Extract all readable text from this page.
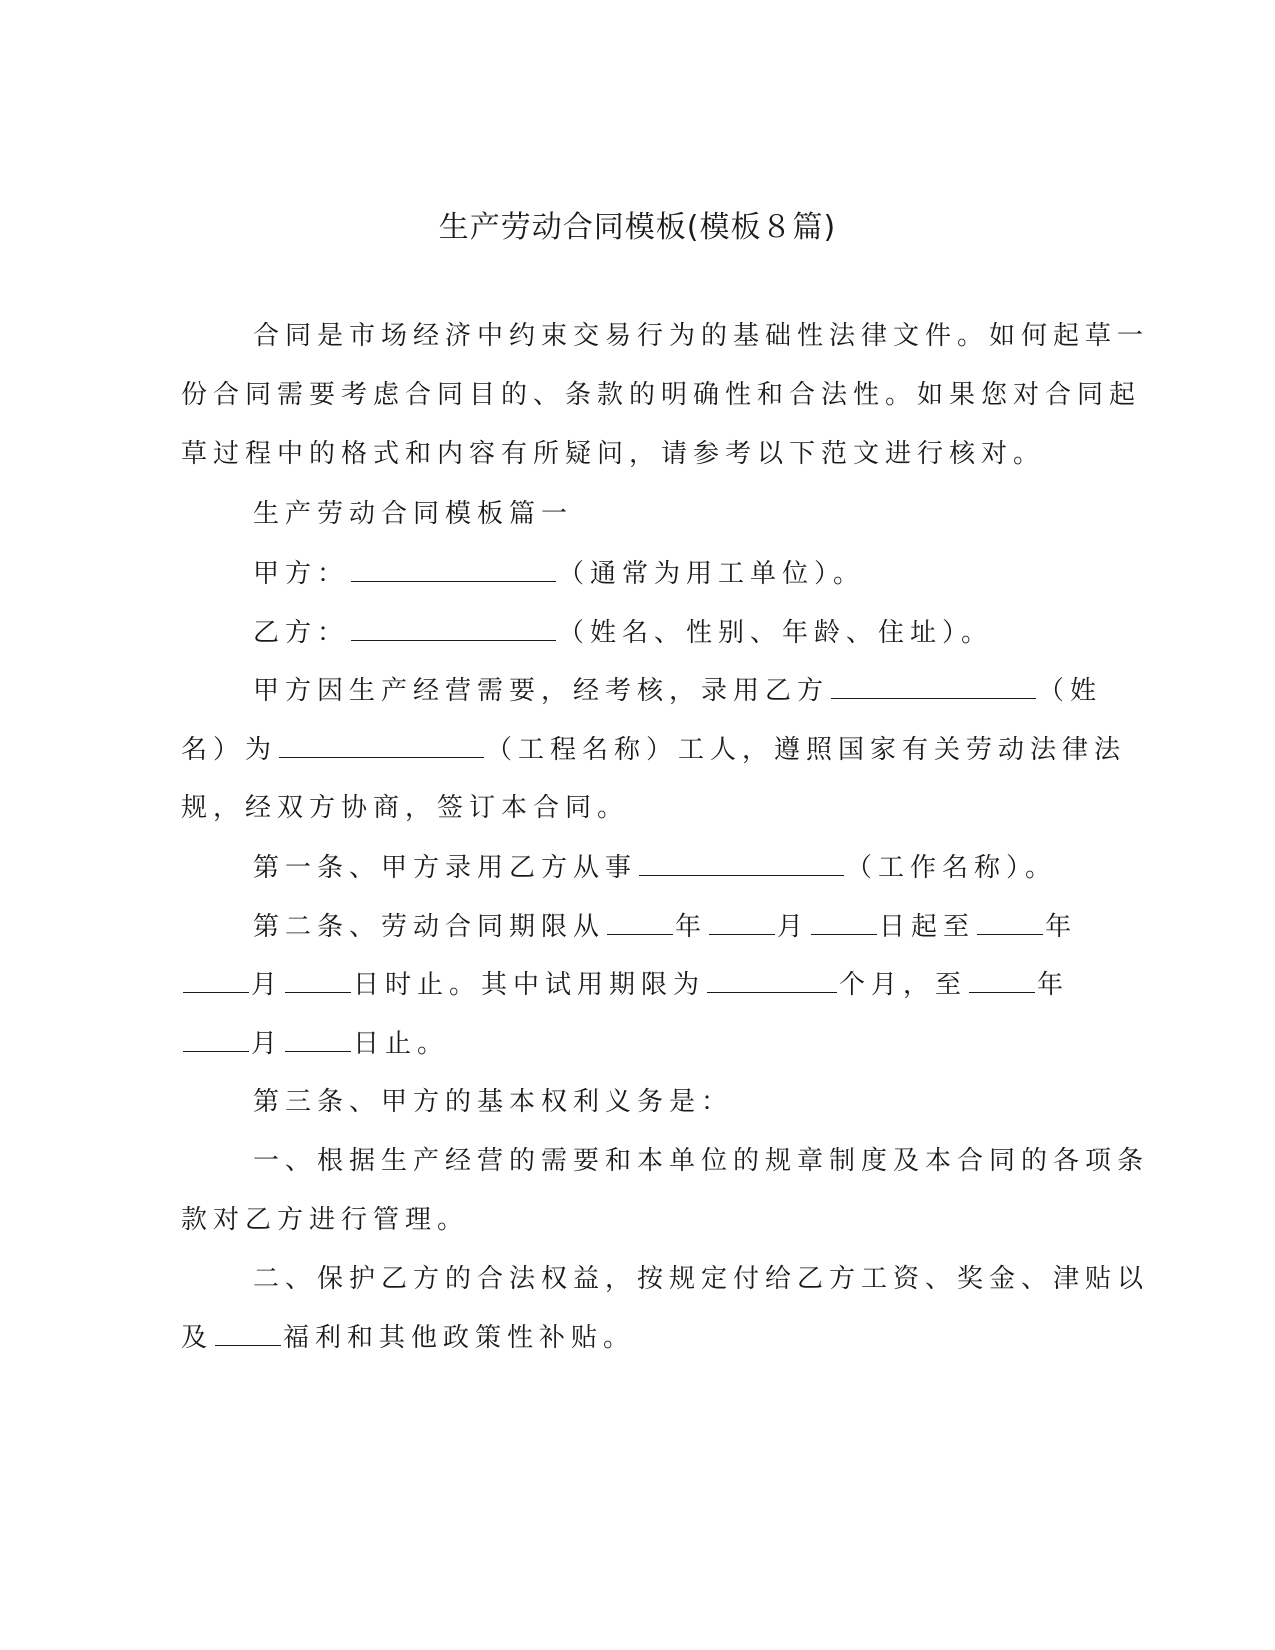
生产劳动合同模板(模板８篇)
合同是市场经济中约束交易行为的基础性法律文件。如何起草一
份合同需要考虑合同目的、条款的明确性和合法性。如果您对合同起
草过程中的格式和内容有所疑问，请参考以下范文进行核对。
生产劳动合同模板篇一
甲方：	（通常为用工单位）。
乙方：	（姓名、性别、年龄、住址）。
甲方因生产经营需要，经考核，录用乙方	（姓
名）为	（工程名称）工人，遵照国家有关劳动法律法
规，经双方协商，签订本合同。
第一条、甲方录用乙方从事	（工作名称）。
第二条、劳动合同期限从	年	月	日起至	年
月	日时止。其中试用期限为	个月，至	年
月	日止。
第三条、甲方的基本权利义务是：
一、根据生产经营的需要和本单位的规章制度及本合同的各项条
款对乙方进行管理。
二、保护乙方的合法权益，按规定付给乙方工资、奖金、津贴以
及	福利和其他政策性补贴。
